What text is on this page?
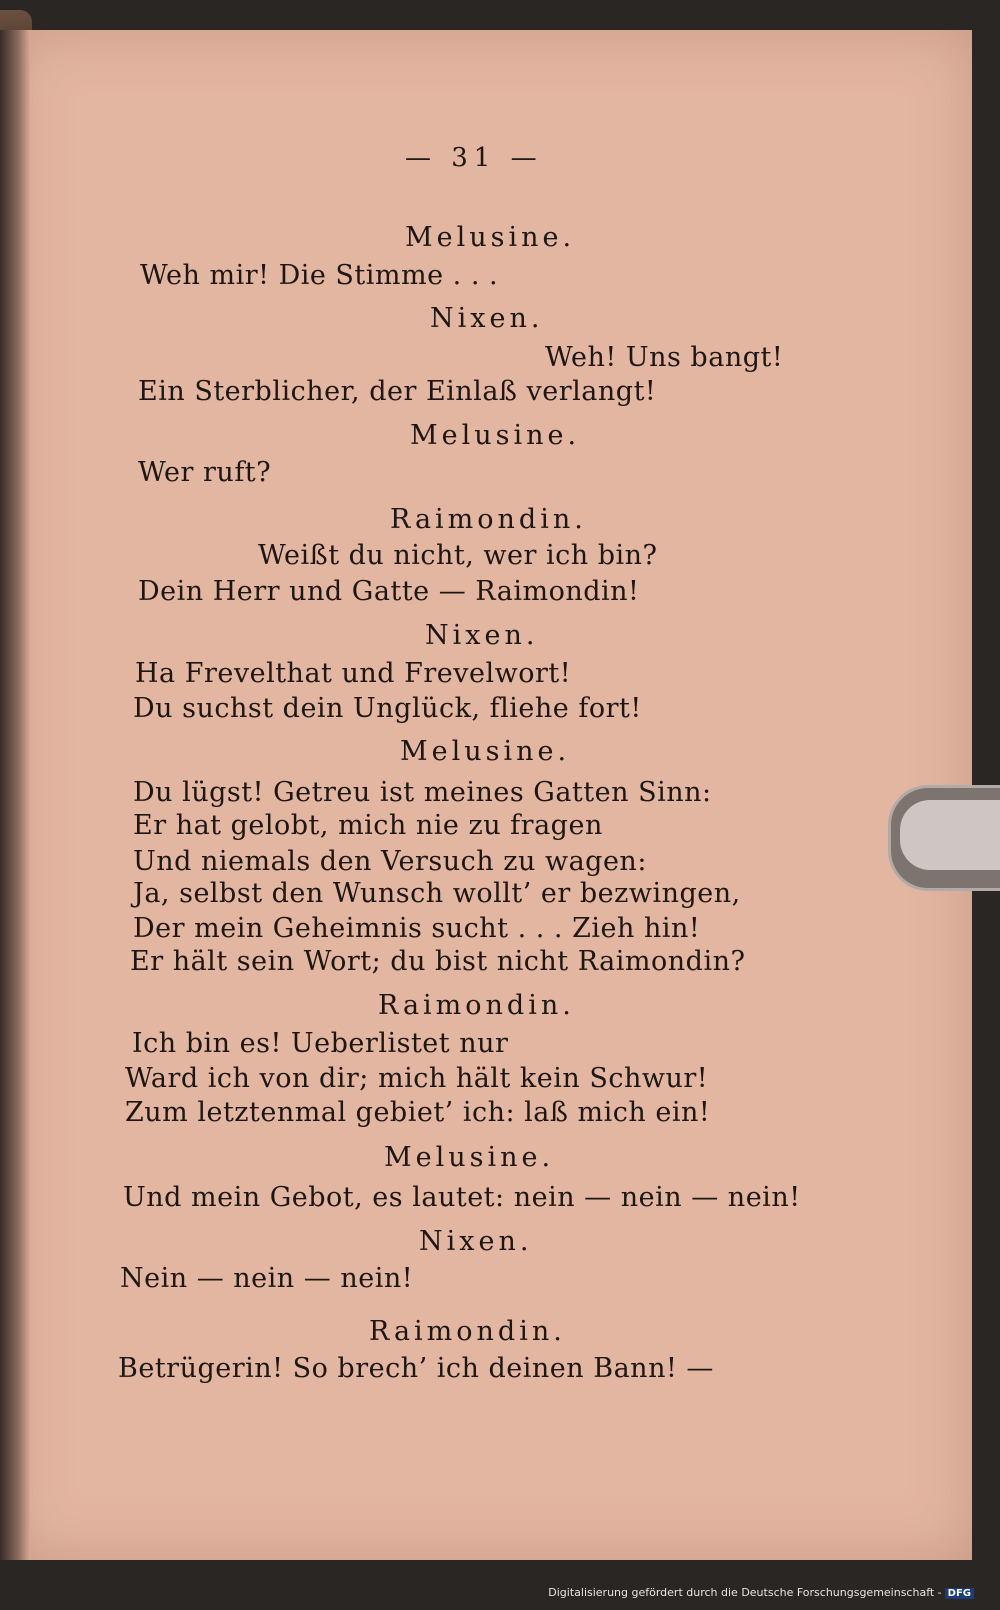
— 31 —
Melusine.
Weh mir! Die Stimme . . .
Nixen.
Weh! Uns bangt!
Ein Sterblicher, der Einlaß verlangt!
Melusine.
Wer ruft?
Raimondin.
Weißt du nicht, wer ich bin?
Dein Herr und Gatte — Raimondin!
Nixen.
Ha Frevelthat und Frevelwort!
Du suchst dein Unglück, fliehe fort!
Melusine.
Du lügst! Getreu ist meines Gatten Sinn:
Er hat gelobt, mich nie zu fragen
Und niemals den Versuch zu wagen:
Ja, selbst den Wunsch wollt’ er bezwingen,
Der mein Geheimnis sucht . . . Zieh hin!
Er hält sein Wort; du bist nicht Raimondin?
Raimondin.
Ich bin es! Ueberlistet nur
Ward ich von dir; mich hält kein Schwur!
Zum letztenmal gebiet’ ich: laß mich ein!
Melusine.
Und mein Gebot, es lautet: nein — nein — nein!
Nixen.
Nein — nein — nein!
Raimondin.
Betrügerin! So brech’ ich deinen Bann! —
Digitalisierung gefördert durch die Deutsche Forschungsgemeinschaft - DFG
